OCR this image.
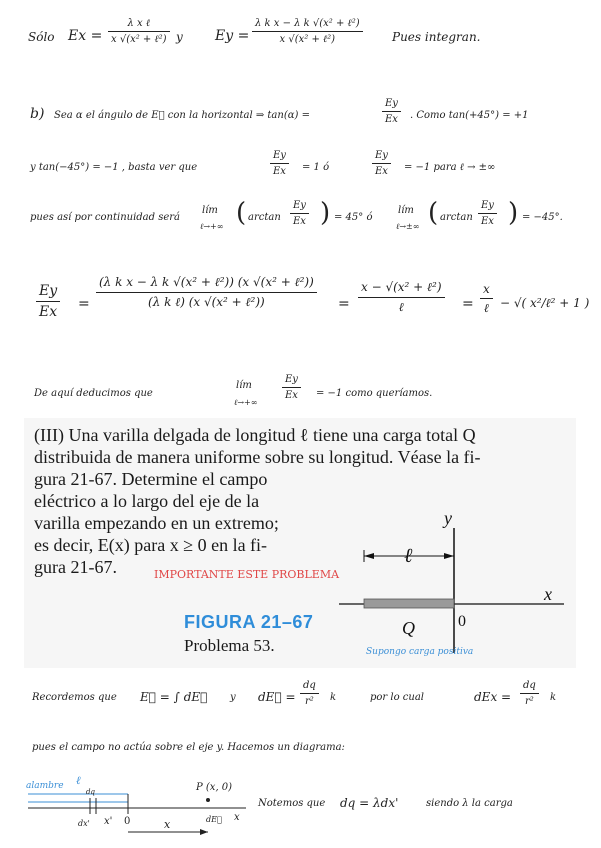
Sólo Ex =
λ x ℓ
x √(x² + ℓ²) y Ey =
λ k x − λ k √(x² + ℓ²)
x √(x² + ℓ²)	Pues integran.
b) Sea α el ángulo de E⃗ con la horizontal ⇒ tan(α) =
Ey
Ex	. Como tan(+45°) = +1
y tan(−45°) = −1 , basta ver que
Ey
Ex	= 1 ó
Ey
Ex	= −1 para ℓ → ±∞
pues así por continuidad será
lím
ℓ→+∞ ( arctan
Ey
Ex ) = 45° ó
lím
ℓ→±∞ ( arctan
Ey
Ex ) = −45°.
Ey
Ex =
(λ k x − λ k √(x² + ℓ²)) (x √(x² + ℓ²))
(λ k ℓ) (x √(x² + ℓ²))	=
x − √(x² + ℓ²)
ℓ	=
x
ℓ − √( x²/ℓ² + 1 )
De aquí deducimos que
lím
ℓ→+∞
Ey
Ex	= −1 como queríamos.
(III) Una varilla delgada de longitud ℓ tiene una carga total Q
distribuida de manera uniforme sobre su longitud. Véase la fi-
gura 21-67. Determine el campo
eléctrico a lo largo del eje de la
varilla empezando en un extremo;
es decir, E(x) para x ≥ 0 en la fi-
gura 21-67.	IMPORTANTE ESTE PROBLEMA
ℓ
y
x
Q	0
Supongo carga positiva
FIGURA 21–67
Problema 53.
Recordemos que E⃗ = ∫ dE⃗ y dE⃗ =
dq
r²	k	por lo cual	dEx =
dq
r²	k
pues el campo no actúa sobre el eje y. Hacemos un diagrama:
alambre ℓ
P (x, 0)
dq
dx' x' 0	x	dE⃗ x
Notemos que dq = λdx'	siendo λ la carga
